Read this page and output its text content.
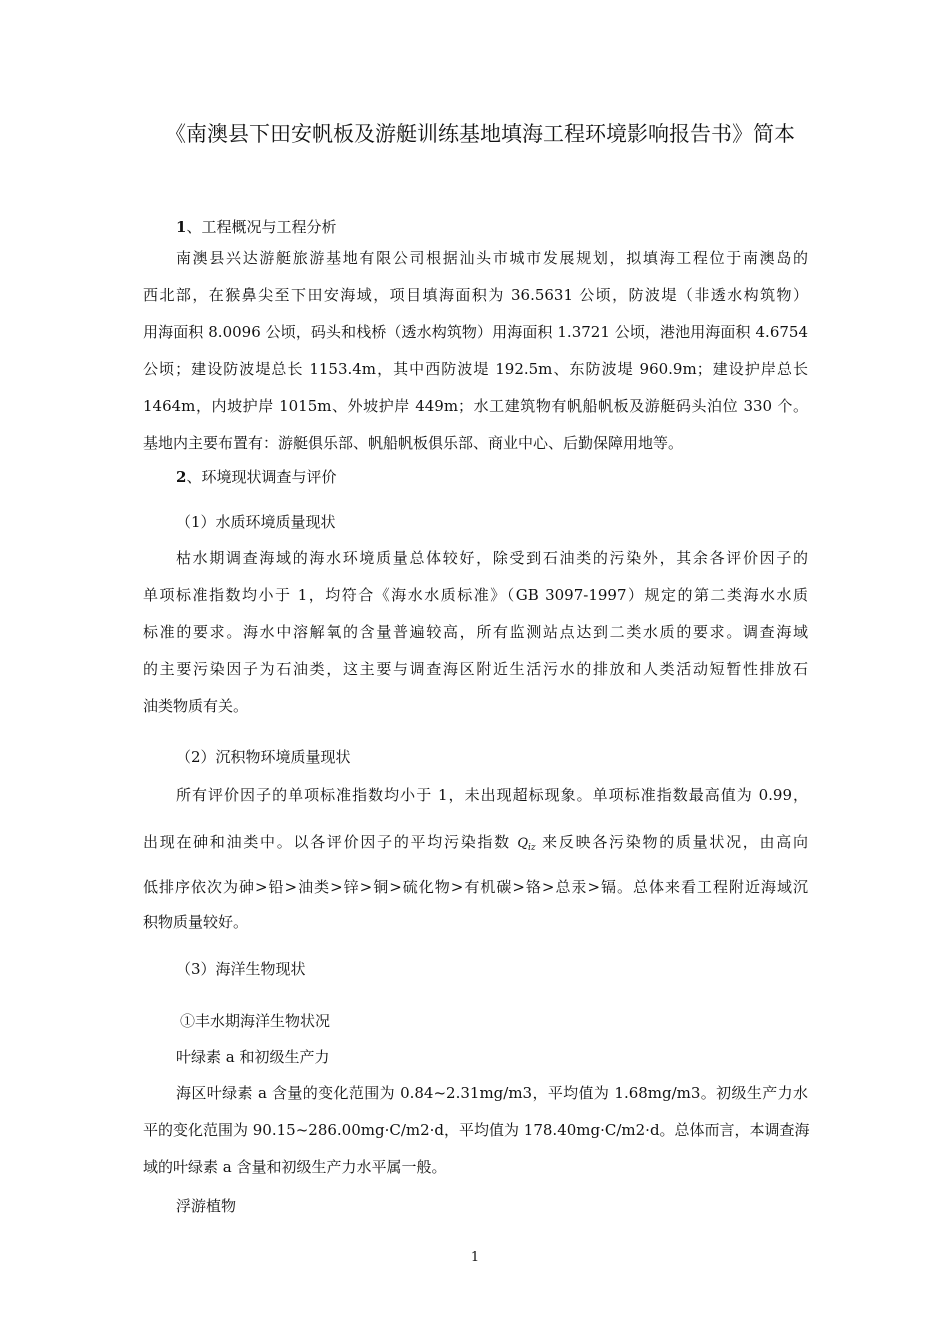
《南澳县下田安帆板及游艇训练基地填海工程环境影响报告书》简本
1、工程概况与工程分析
南澳县兴达游艇旅游基地有限公司根据汕头市城市发展规划，拟填海工程位于南澳岛的
西北部，在猴鼻尖至下田安海域，项目填海面积为 36.5631 公顷，防波堤（非透水构筑物）
用海面积 8.0096 公顷，码头和栈桥（透水构筑物）用海面积 1.3721 公顷，港池用海面积 4.6754
公顷；建设防波堤总长 1153.4m，其中西防波堤 192.5m、东防波堤 960.9m；建设护岸总长
1464m，内坡护岸 1015m、外坡护岸 449m；水工建筑物有帆船帆板及游艇码头泊位 330 个。
基地内主要布置有：游艇俱乐部、帆船帆板俱乐部、商业中心、后勤保障用地等。
2、环境现状调查与评价
（1）水质环境质量现状
枯水期调查海域的海水环境质量总体较好，除受到石油类的污染外，其余各评价因子的
单项标准指数均小于 1，均符合《海水水质标准》（GB 3097-1997）规定的第二类海水水质
标准的要求。海水中溶解氧的含量普遍较高，所有监测站点达到二类水质的要求。调查海域
的主要污染因子为石油类，这主要与调查海区附近生活污水的排放和人类活动短暂性排放石
油类物质有关。
（2）沉积物环境质量现状
所有评价因子的单项标准指数均小于 1，未出现超标现象。单项标准指数最高值为 0.99，
出现在砷和油类中。以各评价因子的平均污染指数 $Q_{iz}$ 来反映各污染物的质量状况，由高向
低排序依次为砷>铅>油类>锌>铜>硫化物>有机碳>铬>总汞>镉。总体来看工程附近海域沉
积物质量较好。
（3）海洋生物现状
①丰水期海洋生物状况
叶绿素 a 和初级生产力
海区叶绿素 a 含量的变化范围为 0.84~2.31mg/m3，平均值为 1.68mg/m3。初级生产力水
平的变化范围为 90.15~286.00mg·C/m2·d，平均值为 178.40mg·C/m2·d。总体而言，本调查海
域的叶绿素 a 含量和初级生产力水平属一般。
浮游植物
1
